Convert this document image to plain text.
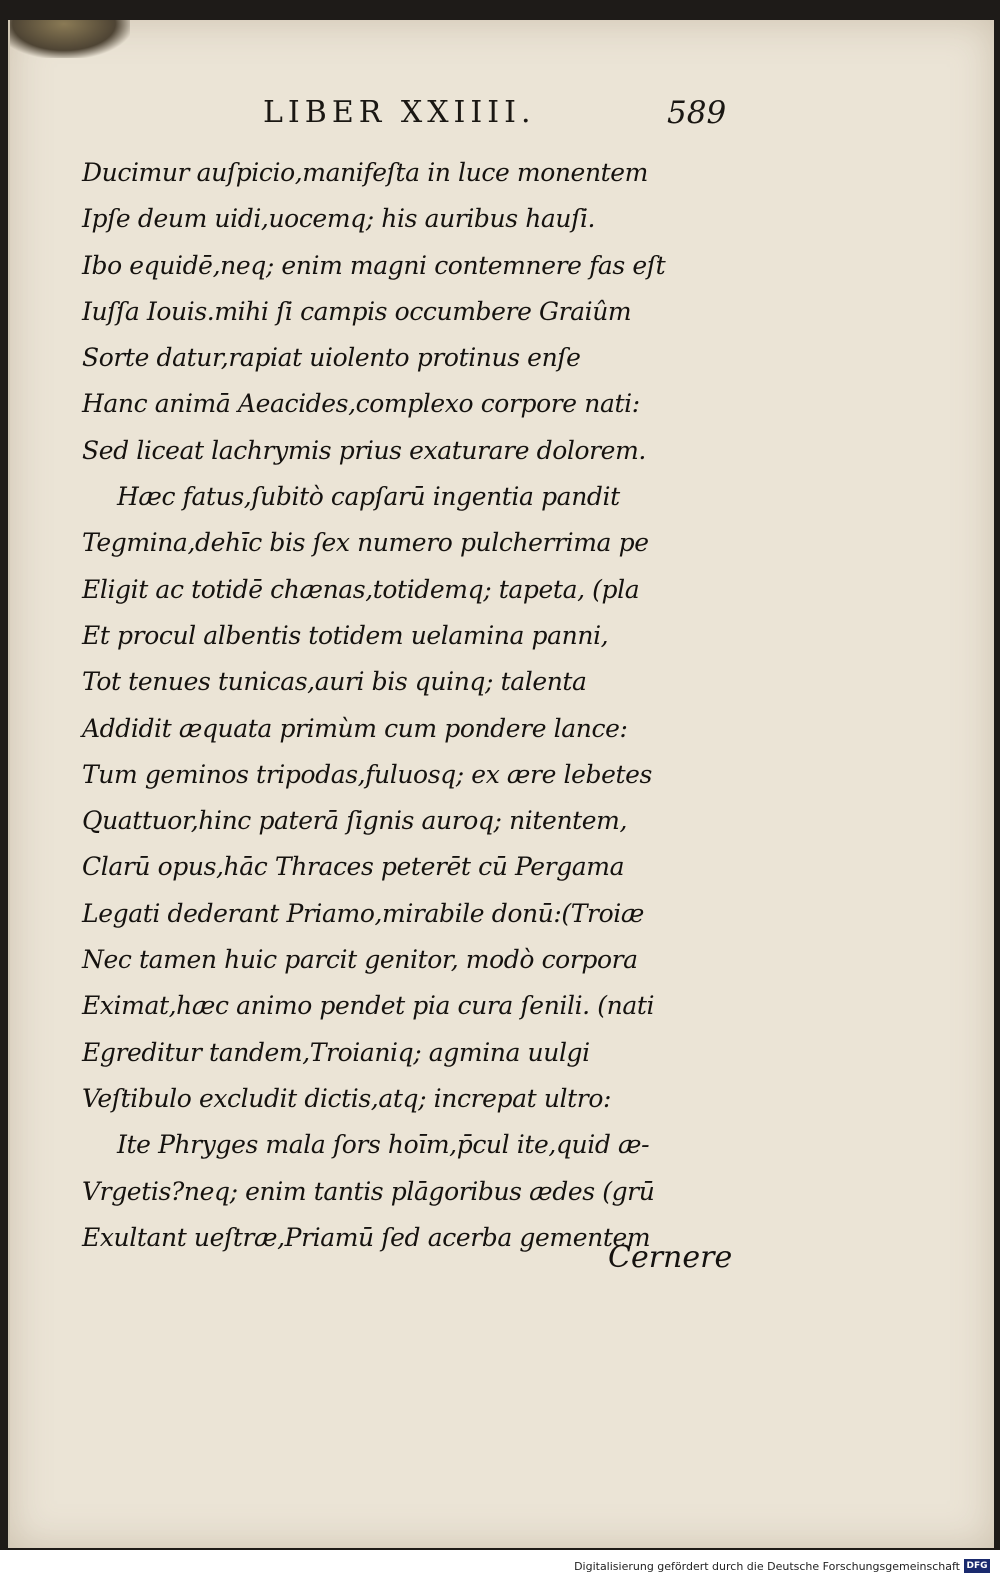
LIBER XXIIII.	589
Ducimur auſpicio,manifeſta in luce monentem
Ipſe deum uidi,uocemq; his auribus hauſi.
Ibo equidē,neq; enim magni contemnere fas eſt
Iuſſa Iouis.mihi ſi campis occumbere Graiûm
Sorte datur,rapiat uiolento protinus enſe
Hanc animā Aeacides,complexo corpore nati:
Sed liceat lachrymis prius exaturare dolorem.
Hæc fatus,ſubitò capſarū ingentia pandit
Tegmina,dehīc bis ſex numero pulcherrima pe
Eligit ac totidē chænas,totidemq; tapeta, (pla
Et procul albentis totidem uelamina panni,
Tot tenues tunicas,auri bis quinq; talenta
Addidit æquata primùm cum pondere lance:
Tum geminos tripodas,fuluosq; ex ære lebetes
Quattuor,hinc paterā ſignis auroq; nitentem,
Clarū opus,hāc Thraces peterēt cū Pergama
Legati dederant Priamo,mirabile donū:(Troiæ
Nec tamen huic parcit genitor, modò corpora
Eximat,hæc animo pendet pia cura ſenili. (nati
Egreditur tandem,Troianiq; agmina uulgi
Veſtibulo excludit dictis,atq; increpat ultro:
Ite Phryges mala ſors hoīm,p̄cul ite,quid æ-
Vrgetis?neq; enim tantis plāgoribus ædes (grū
Exultant ueſtræ,Priamū ſed acerba gementem
Cernere
Digitalisierung gefördert durch die Deutsche Forschungsgemeinschaft DFG
